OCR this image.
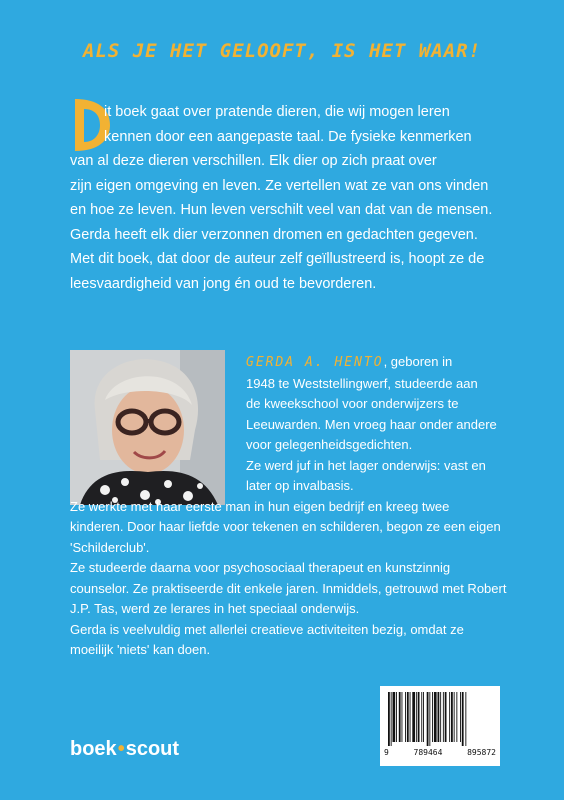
ALS JE HET GELOOFT, IS HET WAAR!
it boek gaat over pratende dieren, die wij mogen leren
kennen door een aangepaste taal. De fysieke kenmerken
van al deze dieren verschillen. Elk dier op zich praat over
zijn eigen omgeving en leven. Ze vertellen wat ze van ons vinden
en hoe ze leven. Hun leven verschilt veel van dat van de mensen.
Gerda heeft elk dier verzonnen dromen en gedachten gegeven.
Met dit boek, dat door de auteur zelf geïllustreerd is, hoopt ze de
leesvaardigheid van jong én oud te bevorderen.
GERDA A. HENTO, geboren in
1948 te Weststellingwerf, studeerde aan
de kweekschool voor onderwijzers te
Leeuwarden. Men vroeg haar onder andere
voor gelegenheidsgedichten.
Ze werd juf in het lager onderwijs: vast en
later op invalbasis.
Ze werkte met haar eerste man in hun eigen bedrijf en kreeg twee
kinderen. Door haar liefde voor tekenen en schilderen, begon ze een eigen
'Schilderclub'.
Ze studeerde daarna voor psychosociaal therapeut en kunstzinnig
counselor. Ze praktiseerde dit enkele jaren. Inmiddels, getrouwd met Robert
J.P. Tas, werd ze lerares in het speciaal onderwijs.
Gerda is veelvuldig met allerlei creatieve activiteiten bezig, omdat ze
moeilijk 'niets' kan doen.
9	789464	895872
boek•scout
